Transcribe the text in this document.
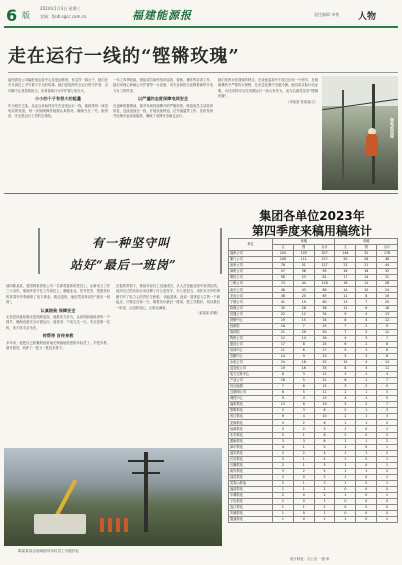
6 版
2024年1月3日 星期三
官网：fjsdl.sgcc.com.cn	福建能源报	责任编辑 审核 人物
走在运行一线的“铿锵玫瑰”
福州供电公司输配电运检中心变电运维班，有这样一群女子，她们在平凡岗位上书写着不平凡的故事。她们是电网安全运行的守护者，以巾帼不让须眉的担当，用青春和汗水守护着万家灯火。
小小的个子有很大的能量
作为班长王某，从业以来始终坚守在变电运行一线，她熟悉每一座变电站的设备，每一次倒闸操作她都认真核对，确保万无一失。她常说：安全是运行工作的生命线。
一年之四季轮换，班组成员始终坚持巡视、检修、操作等各项工作，她们用细心和耐心守护着每一台设备，用专业和担当诠释着新时代电力女工的风采。
以严谨的态度保障电网安全
在迎峰度夏期间，面对负荷持续攀升的严峻形势，班组成员主动放弃休息，连续奋战在一线，开展设备特巡、红外测温等工作，及时发现并处理多起设备隐患，确保了电网安全稳定运行。
她们发挥女性细致的特点，在设备巡视中不放过任何一个细节，在倒闸操作中严格执行规程，在应急处置中沉着冷静。她们用实际行动证明，女性同样可以在电网运行一线大有作为，成为名副其实的“铿锵玫瑰”。
（李某某 张某某/文）
变电站巡视
有一种坚守叫
站好“最后一班岗”
他叫陈某某，是国网某供电公司一名即将退休的老员工。从事电力工作三十余年，他始终坚守在工作岗位上，兢兢业业，任劳任怨，把最美好的青春年华奉献给了电力事业。临近退休，他依然坚持站好“最后一班岗”。
认真细致 保障安全
无论是设备检修还是线路巡视，他都亲力亲为，认真细致地检查每一个细节，确保设备安全可靠运行。他常说：干电力这一行，安全是第一位的，来不得半点马虎。
传帮带 言传身教
多年来，他把自己积累的经验毫无保留地传授给年轻员工，手把手教、面对面讲，培养了一批又一批技术骨干。
在他的带领下，班组年轻员工迅速成长，多人在技能竞赛中获得佳绩。他用自己的实际行动诠释了什么是坚守、什么是担当，用朴实无华的奉献书写了电力人的责任与使命。 谈起退休，他说：退休是人生的一个新起点，只要还在岗一天，就要站好最后一班岗，把工作做好，站好最后一班岗，让组织放心，让群众满意。
（某某某 供稿）
陈某某同志现场指导年轻员工开展作业
集团各单位2023年
第四季度来稿用稿统计
单位	来稿			用稿		
	文	图	合计	文	图	合计
福州公司	204	103	307	146	32	178
厦门公司	106	111	217	20	28	48
泉州公司	76	51	127	23	21	44
漳州公司	57	38	95	16	16	32
莆田公司	58	23	81	17	14	31
三明公司	74	44	118	16	12	28
南平公司	46	43	89	14	10	24
龙岩公司	38	25	63	11	8	19
宁德公司	41	19	60	13	7	20
检修公司	30	28	58	12	6	18
信通公司	22	12	34	9	4	13
营销中心	19	15	34	8	4	12
经研院	18	7	25	7	2	9
电科院	21	29	50	7	5	12
物资公司	12	14	26	4	3	7
建设公司	17	8	25	6	2	8
培训中心	11	6	17	5	1	6
后勤中心	14	9	23	5	3	8
水电公司	24	18	42	10	4	14
送变电公司	19	16	35	8	3	11
电力交易中心	8	3	11	3	1	4
产业公司	16	5	21	6	1	7
综合能源	7	8	15	3	2	5
互联网公司	6	5	11	2	1	3
调控中心	9	4	13	4	1	5
福州供电	13	6	19	5	2	7
思明供电	5	3	8	2	1	3
晋江供电	6	4	10	2	1	3
龙海供电	4	2	6	1	1	2
仙游供电	3	2	5	1	0	1
永安供电	5	1	6	2	0	2
建瓯供电	3	3	6	1	1	2
漳平供电	4	1	5	1	0	1
福安供电	2	2	4	1	1	2
长乐供电	3	1	4	1	0	1
石狮供电	2	1	3	1	0	1
南安供电	3	2	5	1	1	2
邵武供电	2	0	2	1	0	1
武夷山供电	2	1	3	1	0	1
福清供电	1	1	2	0	0	0
平潭供电	2	0	2	1	0	1
宁化供电	1	0	1	0	0	0
连江供电	1	1	2	0	0	0
安溪供电	1	0	1	0	0	0
霞浦供电	1	0	1	1	0	1
统计制表：办公室 一版 审
